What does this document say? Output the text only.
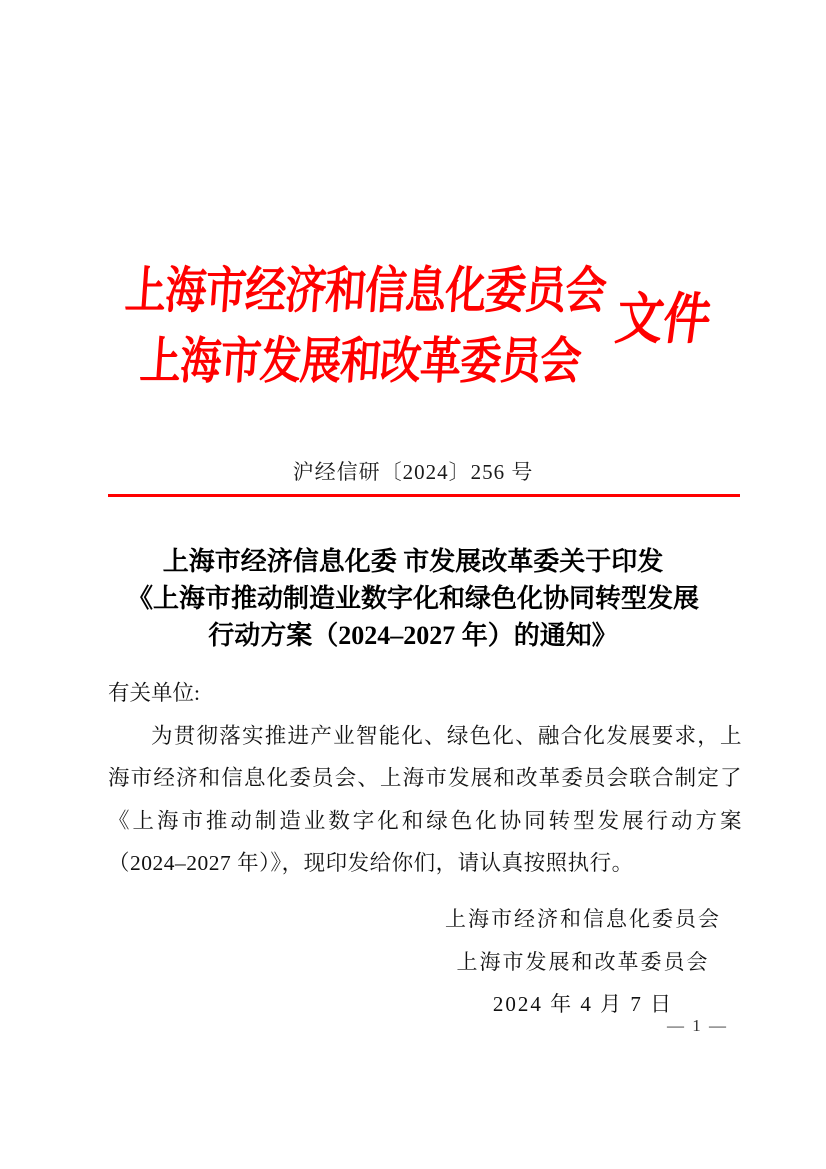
上海市经济和信息化委员会
上海市发展和改革委员会
文件
沪经信研〔2024〕256 号
上海市经济信息化委 市发展改革委关于印发
《上海市推动制造业数字化和绿色化协同转型发展
行动方案（2024–2027 年）的通知》
有关单位:

为贯彻落实推进产业智能化、绿色化、融合化发展要求，上海市经济和信息化委员会、上海市发展和改革委员会联合制定了《上海市推动制造业数字化和绿色化协同转型发展行动方案（2024–2027 年）》，现印发给你们，请认真按照执行。

上海市经济和信息化委员会
上海市发展和改革委员会
2024 年 4 月 7 日
— 1 —
